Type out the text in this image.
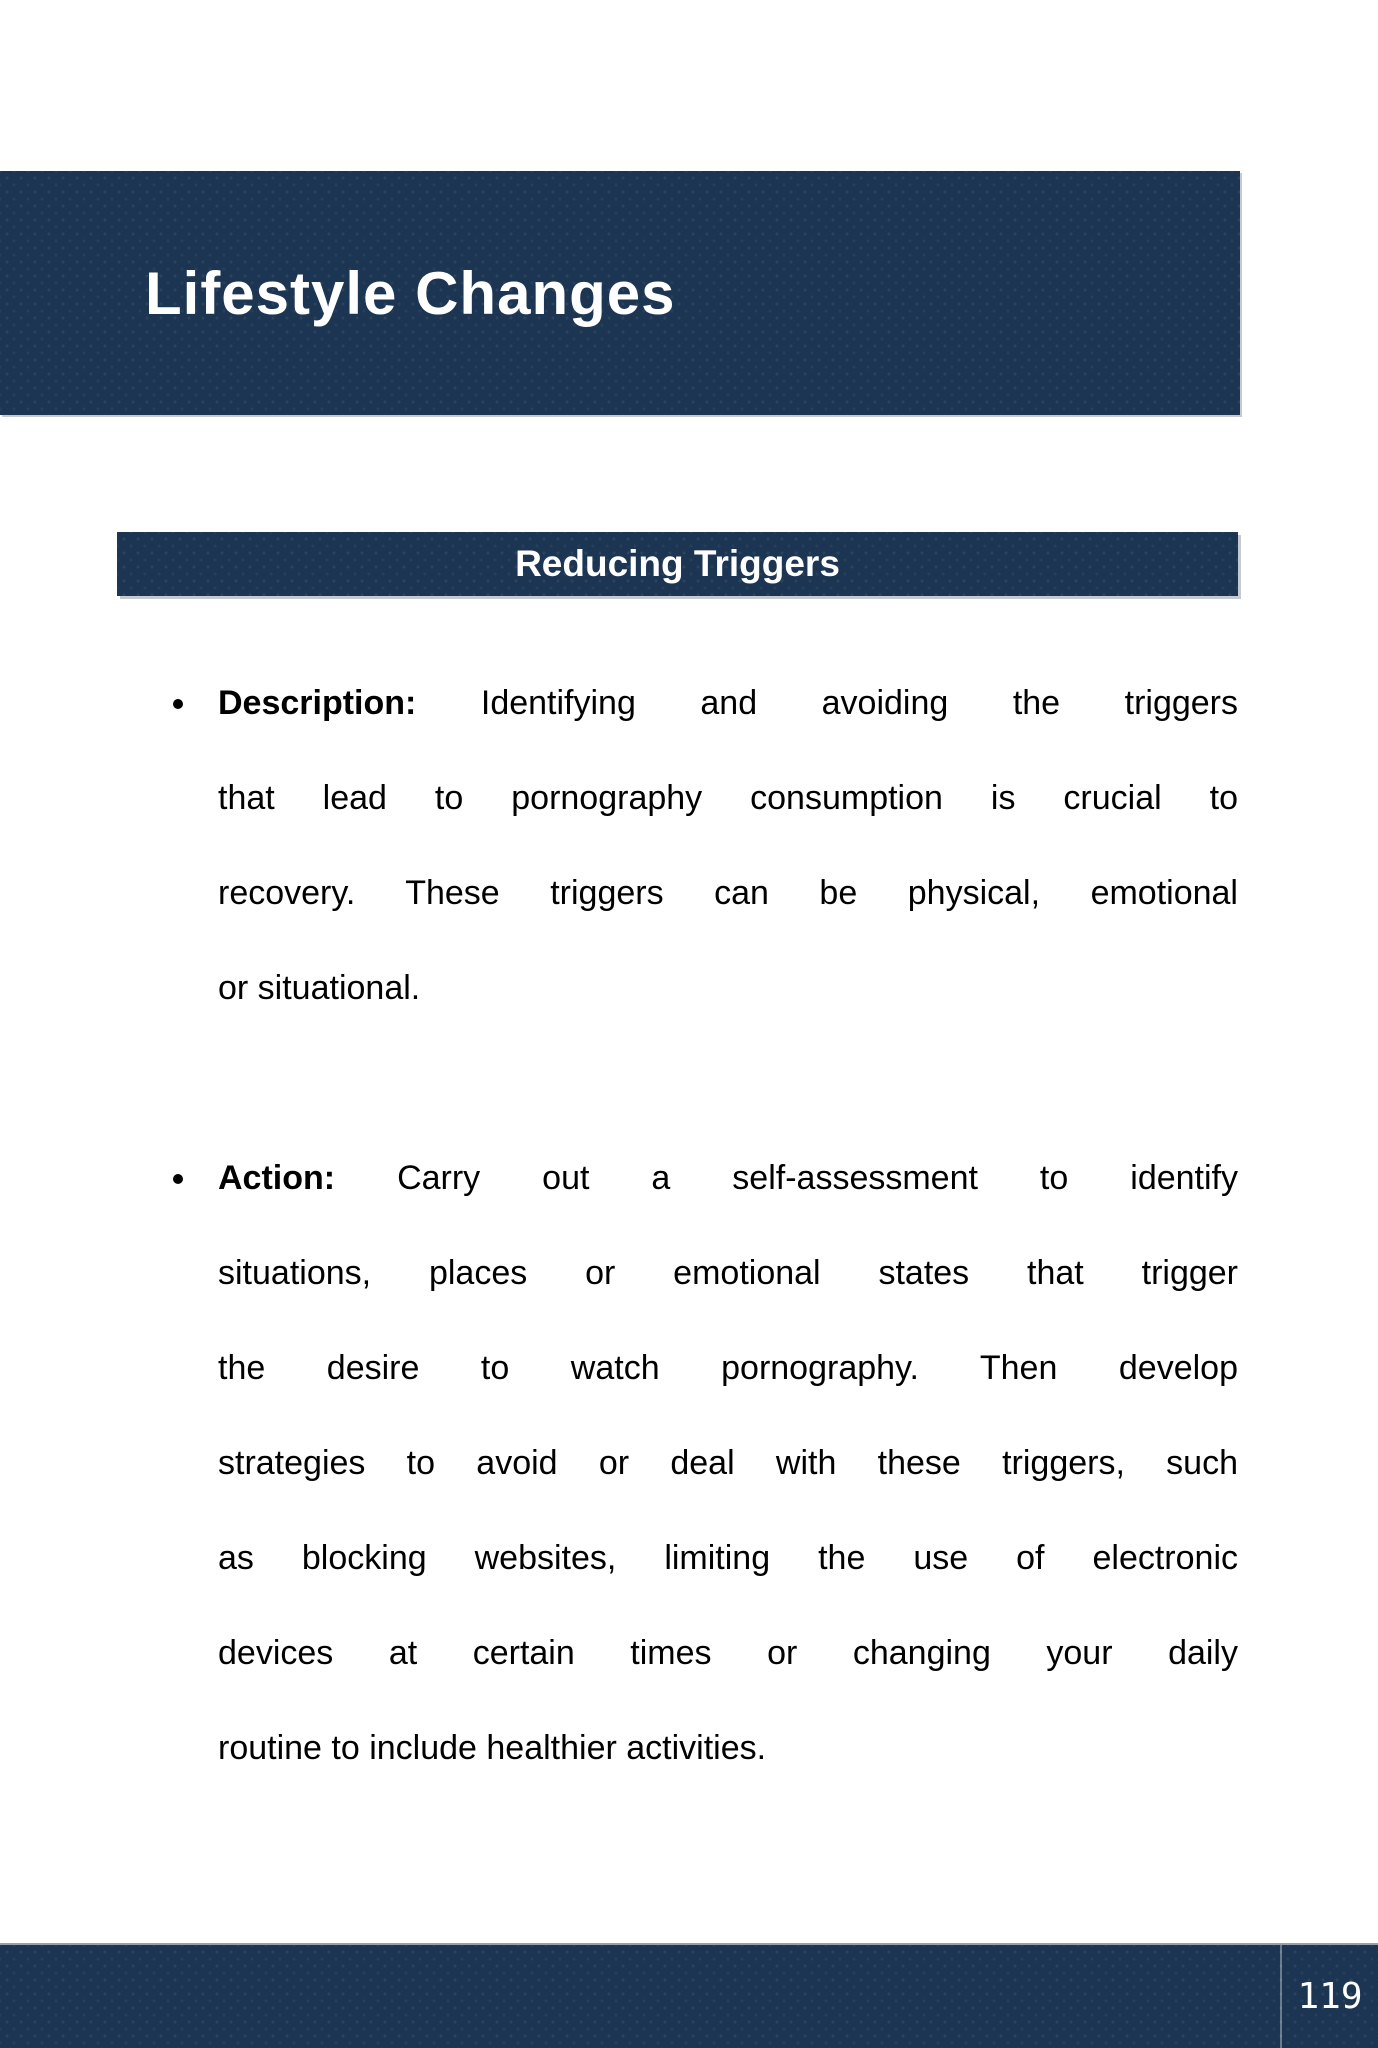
Lifestyle Changes
Reducing Triggers
Description: Identifying and avoiding the triggers
that lead to pornography consumption is crucial to
recovery. These triggers can be physical, emotional
or situational.
Action: Carry out a self-assessment to identify
situations, places or emotional states that trigger
the desire to watch pornography. Then develop
strategies to avoid or deal with these triggers, such
as blocking websites, limiting the use of electronic
devices at certain times or changing your daily
routine to include healthier activities.
119
